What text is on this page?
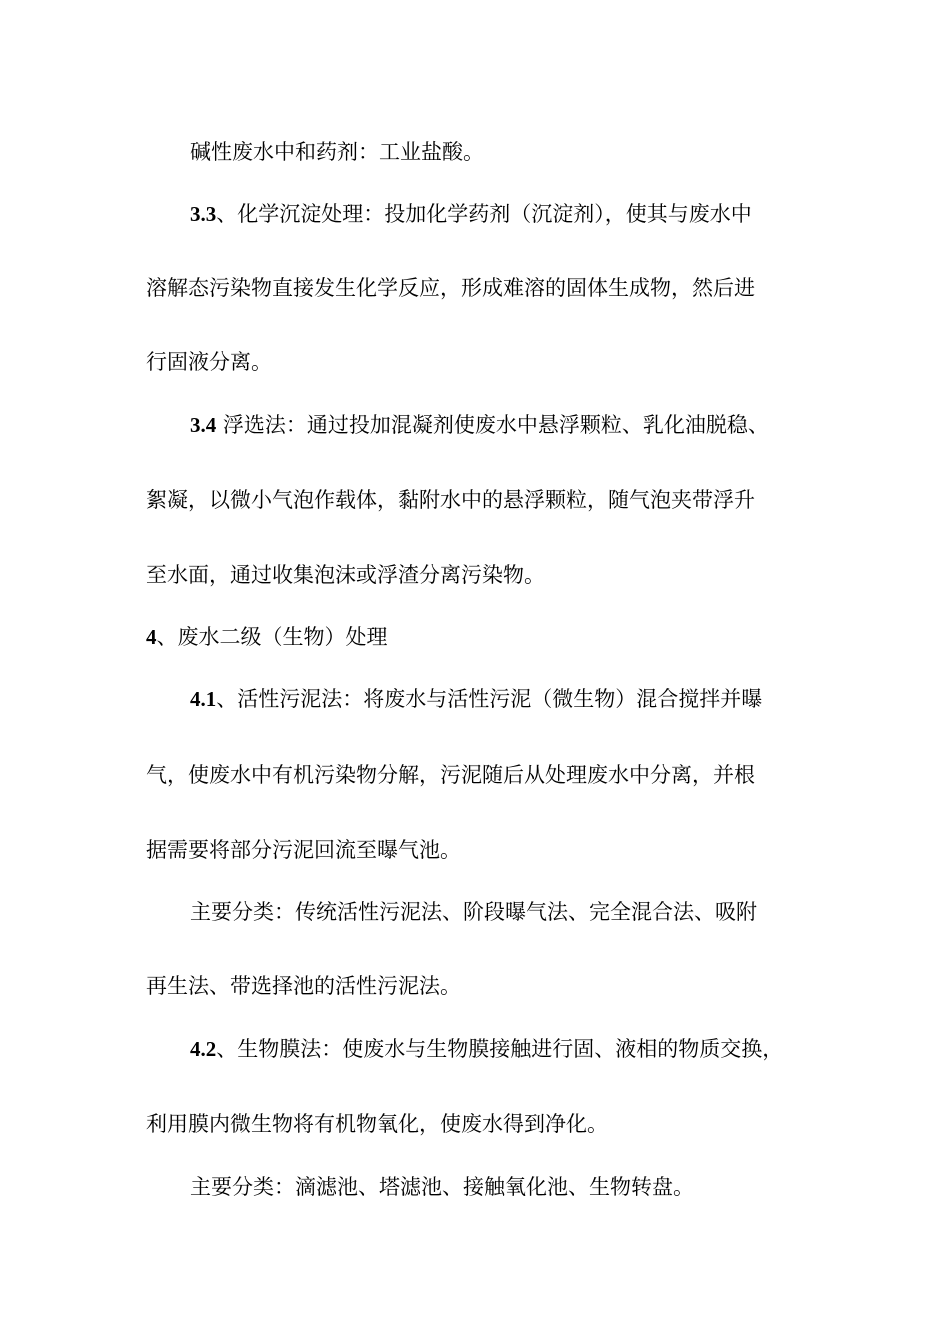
碱性废水中和药剂：工业盐酸。
3.3、化学沉淀处理：投加化学药剂（沉淀剂），使其与废水中
溶解态污染物直接发生化学反应，形成难溶的固体生成物，然后进
行固液分离。
3.4 浮选法：通过投加混凝剂使废水中悬浮颗粒、乳化油脱稳、
絮凝，以微小气泡作载体，黏附水中的悬浮颗粒，随气泡夹带浮升
至水面，通过收集泡沫或浮渣分离污染物。
4、废水二级（生物）处理
4.1、活性污泥法：将废水与活性污泥（微生物）混合搅拌并曝
气，使废水中有机污染物分解，污泥随后从处理废水中分离，并根
据需要将部分污泥回流至曝气池。
主要分类：传统活性污泥法、阶段曝气法、完全混合法、吸附
再生法、带选择池的活性污泥法。
4.2、生物膜法：使废水与生物膜接触进行固、液相的物质交换，
利用膜内微生物将有机物氧化，使废水得到净化。
主要分类：滴滤池、塔滤池、接触氧化池、生物转盘。
